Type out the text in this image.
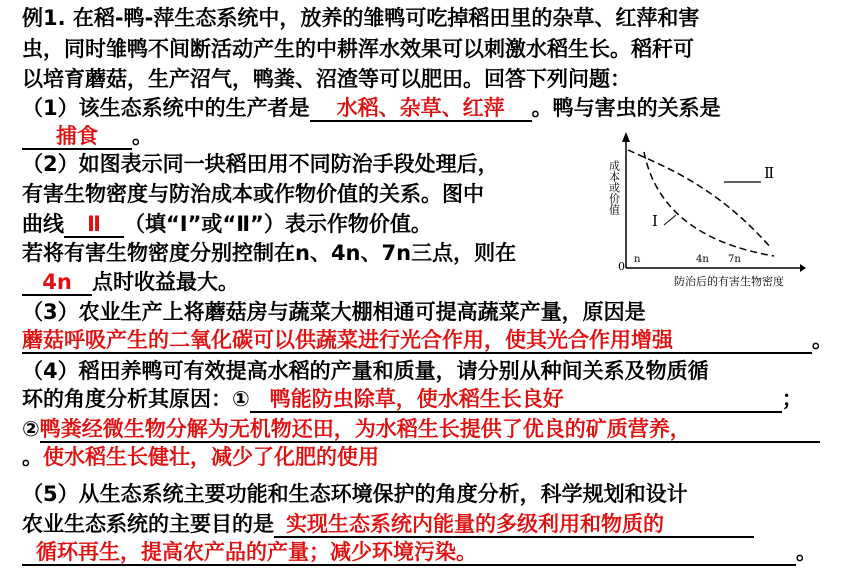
例1. 在稻-鸭-萍生态系统中，放养的雏鸭可吃掉稻田里的杂草、红萍和害
虫，同时雏鸭不间断活动产生的中耕浑水效果可以刺激水稻生长。稻秆可
以培育蘑菇，生产沼气，鸭粪、沼渣等可以肥田。回答下列问题：
（1）该生态系统中的生产者是 水稻、杂草、红萍 。鸭与害虫的关系是
捕食 。
（2）如图表示同一块稻田用不同防治手段处理后，
有害生物密度与防治成本或作物价值的关系。图中
曲线 Ⅱ （填“Ⅰ”或“Ⅱ”）表示作物价值。
若将有害生物密度分别控制在n、4n、7n三点，则在
4n 点时收益最大。
0
n	4n 7n
Ⅱ
Ⅰ
成本或价值
防治后的有害生物密度
（3）农业生产上将蘑菇房与蔬菜大棚相通可提高蔬菜产量，原因是
蘑菇呼吸产生的二氧化碳可以供蔬菜进行光合作用，使其光合作用增强	。
（4）稻田养鸭可有效提高水稻的产量和质量，请分别从种间关系及物质循
环的角度分析其原因：① 鸭能防虫除草，使水稻生长良好	；
②鸭粪经微生物分解为无机物还田，为水稻生长提供了优良的矿质营养，
。使水稻生长健壮，减少了化肥的使用
（5）从生态系统主要功能和生态环境保护的角度分析，科学规划和设计
农业生态系统的主要目的是 实现生态系统内能量的多级利用和物质的
循环再生，提高农产品的产量；减少环境污染。	。
